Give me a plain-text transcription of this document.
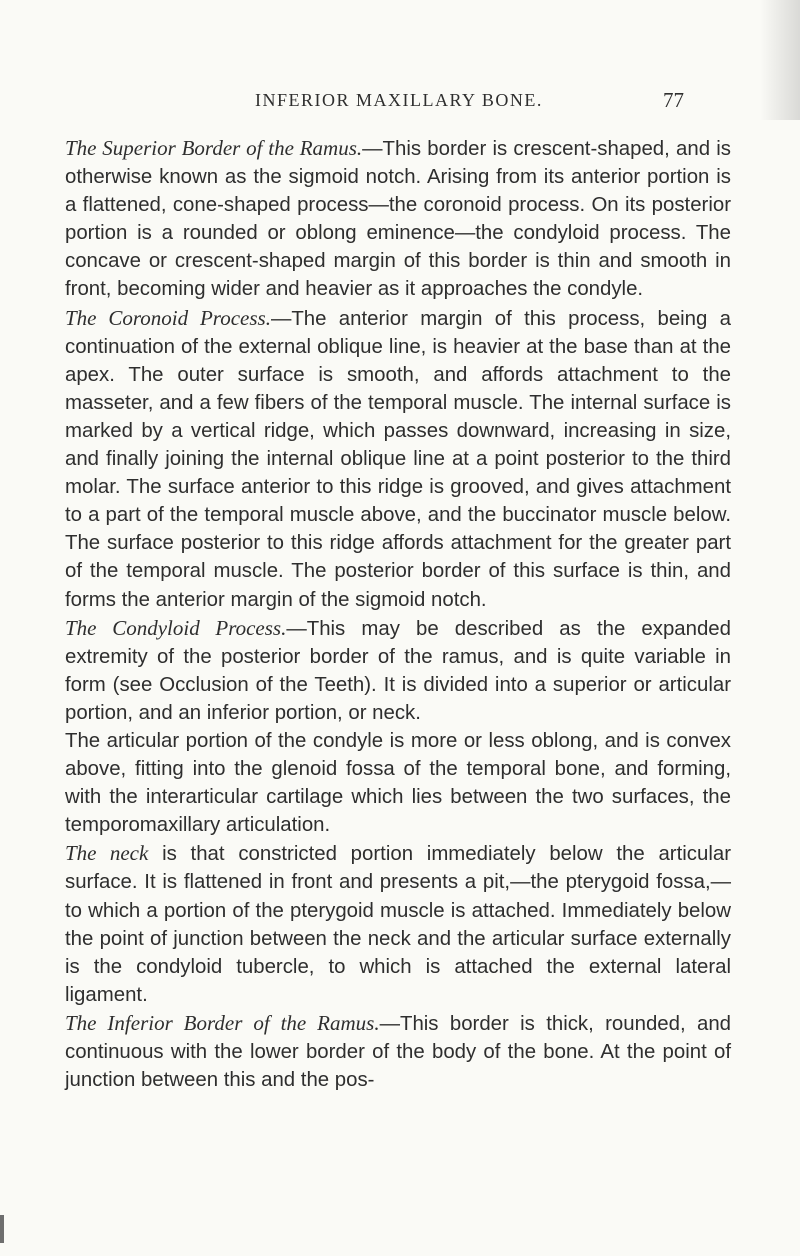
INFERIOR MAXILLARY BONE.	77

The Superior Border of the Ramus.—This border is crescent-shaped, and is otherwise known as the sigmoid notch. Arising from its anterior portion is a flattened, cone-shaped process—the coronoid process. On its posterior portion is a rounded or oblong eminence—the condyloid process. The concave or crescent-shaped margin of this border is thin and smooth in front, becoming wider and heavier as it approaches the condyle.

The Coronoid Process.—The anterior margin of this process, being a continuation of the external oblique line, is heavier at the base than at the apex. The outer surface is smooth, and affords attachment to the masseter, and a few fibers of the temporal muscle. The internal surface is marked by a vertical ridge, which passes downward, increasing in size, and finally joining the internal oblique line at a point posterior to the third molar. The surface anterior to this ridge is grooved, and gives attachment to a part of the temporal muscle above, and the buccinator muscle below. The surface posterior to this ridge affords attachment for the greater part of the temporal muscle. The posterior border of this surface is thin, and forms the anterior margin of the sigmoid notch.

The Condyloid Process.—This may be described as the expanded extremity of the posterior border of the ramus, and is quite variable in form (see Occlusion of the Teeth). It is divided into a superior or articular portion, and an inferior portion, or neck.

The articular portion of the condyle is more or less oblong, and is convex above, fitting into the glenoid fossa of the temporal bone, and forming, with the interarticular cartilage which lies between the two surfaces, the temporomaxillary articulation.

The neck is that constricted portion immediately below the articular surface. It is flattened in front and presents a pit,—the pterygoid fossa,—to which a portion of the pterygoid muscle is attached. Immediately below the point of junction between the neck and the articular surface externally is the condyloid tubercle, to which is attached the external lateral ligament.

The Inferior Border of the Ramus.—This border is thick, rounded, and continuous with the lower border of the body of the bone. At the point of junction between this and the pos-
